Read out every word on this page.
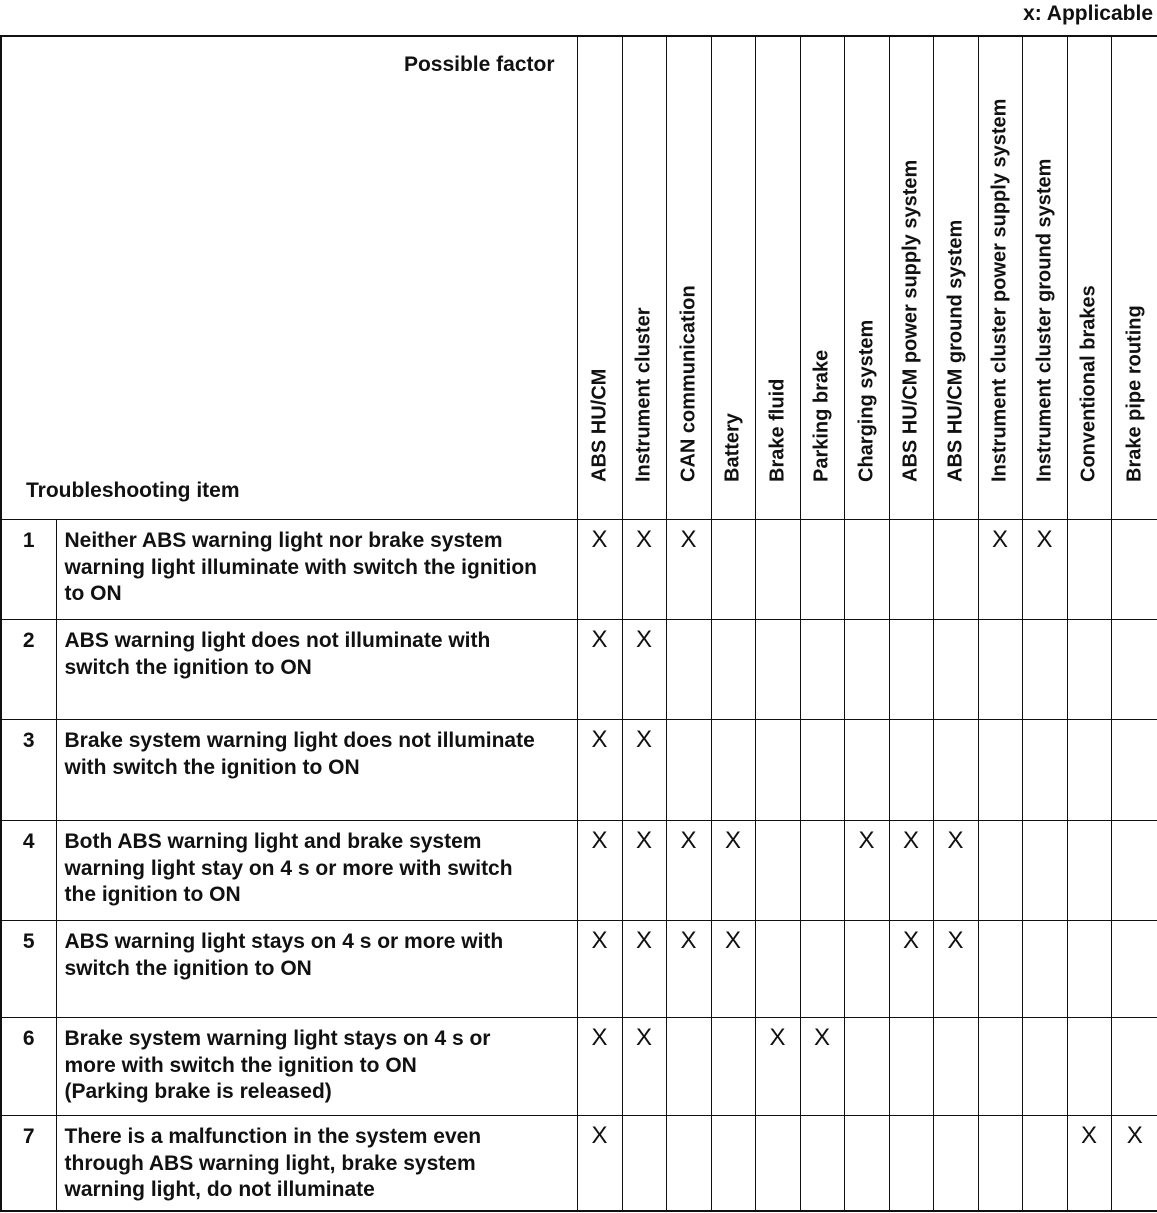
x: Applicable
Possible factor
Troubleshooting item		ABS HU/CM	Instrument cluster	CAN communication	Battery	Brake fluid	Parking brake	Charging system	ABS HU/CM power supply system	ABS HU/CM ground system	Instrument cluster power supply system	Instrument cluster ground system	Conventional brakes	Brake pipe routing

1	Neither ABS warning light nor brake system
warning light illuminate with switch the ignition
to ON	X	X	X							X	X		
2	ABS warning light does not illuminate with
switch the ignition to ON	X	X											
3	Brake system warning light does not illuminate
with switch the ignition to ON	X	X											
4	Both ABS warning light and brake system
warning light stay on 4 s or more with switch
the ignition to ON	X	X	X	X			X	X	X				
5	ABS warning light stays on 4 s or more with
switch the ignition to ON	X	X	X	X				X	X				
6	Brake system warning light stays on 4 s or
more with switch the ignition to ON
(Parking brake is released)	X	X			X	X							
7	There is a malfunction in the system even
through ABS warning light, brake system
warning light, do not illuminate	X											X	X
